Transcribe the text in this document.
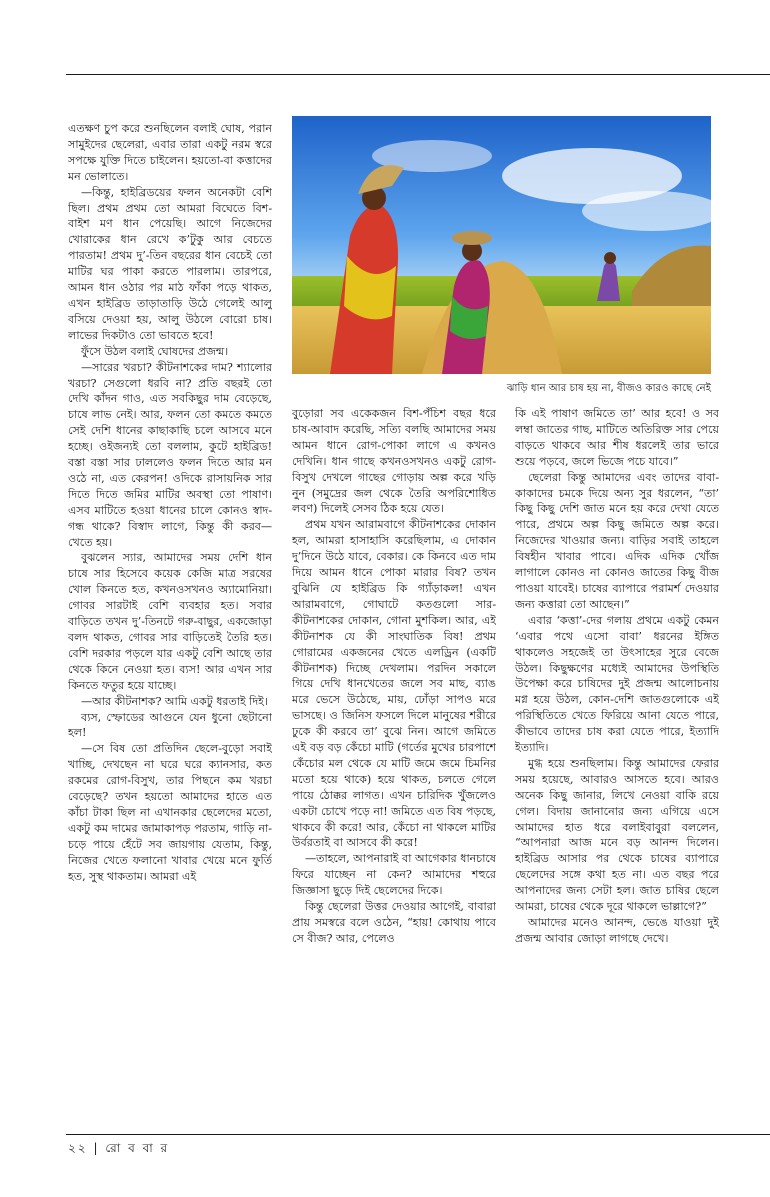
এতক্ষণ চুপ করে শুনছিলেন বলাই ঘোষ, পরান সামুইদের ছেলেরা, এবার তারা একটু নরম স্বরে সপক্ষে যুক্তি দিতে চাইলেন। হয়তো-বা কত্তাদের মন ভোলাতে।

—কিন্তু, হাইব্রিডয়ের ফলন অনেকটা বেশি ছিল। প্রথম প্রথম তো আমরা বিঘেতে বিশ-বাইশ মণ ধান পেয়েছি। আগে নিজেদের খোরাকের ধান রেখে ক’টুকু আর বেচতে পারতাম! প্রথম দু’-তিন বছরের ধান বেচেই তো মাটির ঘর পাকা করতে পারলাম। তারপরে, আমন ধান ওঠার পর মাঠ ফাঁকা পড়ে থাকত, এখন হাইব্রিড তাড়াতাড়ি উঠে গেলেই আলু বসিয়ে দেওয়া হয়, আলু উঠলে বোরো চাষ। লাভের দিকটাও তো ভাবতে হবে!

ফুঁসে উঠল বলাই ঘোষদের প্রজন্ম।

—সারের খরচা? কীটনাশকের দাম? শ্যালোর খরচা? সেগুলো ধরবি না? প্রতি বছরই তো দেখি কাঁদন গাও, এত সবকিছুর দাম বেড়েছে, চাষে লাভ নেই। আর, ফলন তো কমতে কমতে সেই দেশি ধানের কাছাকাছি চলে আসবে মনে হচ্ছে। ওইজন্যই তো বললাম, কুটে হাইব্রিড! বস্তা বস্তা সার ঢাললেও ফলন দিতে আর মন ওঠে না, এত কেরপন! ওদিকে রাসায়নিক সার দিতে দিতে জমির মাটির অবস্থা তো পাষাণ। এসব মাটিতে হওয়া ধানের চালে কোনও স্বাদ-গন্ধ থাকে? বিস্বাদ লাগে, কিন্তু কী করব— খেতে হয়।

বুঝলেন স্যার, আমাদের সময় দেশি ধান চাষে সার হিসেবে কয়েক কেজি মাত্র সরষের খোল কিনতে হত, কখনওসখনও অ্যামোনিয়া। গোবর সারটাই বেশি ব্যবহার হত। সবার বাড়িতে তখন দু’-তিনটে গরু-বাছুর, একজোড়া বলদ থাকত, গোবর সার বাড়িতেই তৈরি হত। বেশি দরকার পড়লে যার একটু বেশি আছে তার থেকে কিনে নেওয়া হত। ব্যস! আর এখন সার কিনতে ফতুর হয়ে যাচ্ছে।

—আর কীটনাশক? আমি একটু ধরতাই দিই।

ব্যস, স্ফোডের আগুনে যেন ধুনো ছেটানো হল!

—সে বিষ তো প্রতিদিন ছেলে-বুড়ো সবাই খাচ্ছি, দেখছেন না ঘরে ঘরে ক্যানসার, কত রকমের রোগ-বিসুখ, তার পিছনে কম খরচা বেড়েছে? তখন হয়তো আমাদের হাতে এত কাঁচা টাকা ছিল না এখানকার ছেলেদের মতো, একটু কম দামের জামাকাপড় পরতাম, গাড়ি না-চড়ে পায়ে হেঁটে সব জায়গায় যেতাম, কিন্তু, নিজের খেতে ফলানো খাবার খেয়ে মনে ফুর্তি হত, সুস্থ থাকতাম। আমরা এই

ঝাড়ি ধান আর চাষ হয় না, বীজও কারও কাছে নেই

বুড়োরা সব একেকজন বিশ-পঁচিশ বছর ধরে চাষ-আবাদ করেছি, সত্যি বলছি আমাদের সময় আমন ধানে রোগ-পোকা লাগে এ কখনও দেখিনি। ধান গাছে কখনওসখনও একটু রোগ-বিসুখ দেখলে গাছের গোড়ায় অল্প করে খড়ি নুন (সমুদ্রের জল থেকে তৈরি অপরিশোধিত লবণ) দিলেই সেসব ঠিক হয়ে যেত।

প্রথম যখন আরামবাগে কীটনাশকের দোকান হল, আমরা হাসাহাসি করেছিলাম, এ দোকান দু’দিনে উঠে যাবে, বেকার। কে কিনবে এত দাম দিয়ে আমন ধানে পোকা মারার বিষ? তখন বুঝিনি যে হাইব্রিড কি গ্যাঁড়াকল! এখন আরামবাগে, গোঘাটে কতগুলো সার-কীটনাশকের দোকান, গোনা মুশকিল। আর, এই কীটনাশক যে কী সাংঘাতিক বিষ! প্রথম গোরামের একজনের খেতে এলড্রিন (একটি কীটনাশক) দিচ্ছে দেখলাম। পরদিন সকালে গিয়ে দেখি ধানখেতের জলে সব মাছ, ব্যাঙ মরে ভেসে উঠেছে, মায়, ঢোঁড়া সাপও মরে ভাসছে। ও জিনিস ফসলে দিলে মানুষের শরীরে ঢুকে কী করবে তা’ বুঝে নিন। আগে জমিতে এই বড় বড় কেঁচো মাটি (গর্তের মুখের চারপাশে কেঁচোর মল থেকে যে মাটি জমে জমে চিমনির মতো হয়ে থাকে) হয়ে থাকত, চলতে গেলে পায়ে ঠোক্কর লাগত। এখন চারিদিক খুঁজলেও একটা চোখে পড়ে না! জমিতে এত বিষ পড়ছে, থাকবে কী করে! আর, কেঁচো না থাকলে মাটির উর্বরতাই বা আসবে কী করে!

—তাহলে, আপনারাই বা আগেকার ধানচাষে ফিরে যাচ্ছেন না কেন? আমাদের শহুরে জিজ্ঞাসা ছুড়ে দিই ছেলেদের দিকে।

কিন্তু ছেলেরা উত্তর দেওয়ার আগেই, বাবারা প্রায় সমস্বরে বলে ওঠেন, “হায়! কোথায় পাবে সে বীজ? আর, পেলেও

কি এই পাষাণ জমিতে তা’ আর হবে! ও সব লম্বা জাতের গাছ, মাটিতে অতিরিক্ত সার পেয়ে বাড়তে থাকবে আর শীষ ধরলেই তার ভারে শুয়ে পড়বে, জলে ভিজে পচে যাবে।”

ছেলেরা কিন্তু আমাদের এবং তাদের বাবা-কাকাদের চমকে দিয়ে অন্য সুর ধরলেন, “তা’ কিছু কিছু দেশি জাত মনে হয় করে দেখা যেতে পারে, প্রথমে অল্প কিছু জমিতে অল্প করে। নিজেদের খাওয়ার জন্য। বাড়ির সবাই তাহলে বিষহীন খাবার পাবে। এদিক এদিক খোঁজ লাগালে কোনও না কোনও জাতের কিছু বীজ পাওয়া যাবেই। চাষের ব্যাপারে পরামর্শ দেওয়ার জন্য কত্তারা তো আছেন।”

এবার ‘কত্তা’-দের গলায় প্রথমে একটু কেমন ‘এবার পথে এসো বাবা’ ধরনের ইঙ্গিত থাকলেও সহজেই তা উৎসাহের সুরে বেজে উঠল। কিছুক্ষণের মধ্যেই আমাদের উপস্থিতি উপেক্ষা করে চাষিদের দুই প্রজন্ম আলোচনায় মগ্ন হয়ে উঠল, কোন-দেশি জাতগুলোকে এই পরিস্থিতিতে খেতে ফিরিয়ে আনা যেতে পারে, কীভাবে তাদের চাষ করা যেতে পারে, ইত্যাদি ইত্যাদি।

মুগ্ধ হয়ে শুনছিলাম। কিন্তু আমাদের ফেরার সময় হয়েছে, আবারও আসতে হবে। আরও অনেক কিছু জানার, লিখে নেওয়া বাকি রয়ে গেল। বিদায় জানানোর জন্য এগিয়ে এসে আমাদের হাত ধরে বলাইবাবুরা বললেন, “আপনারা আজ মনে বড় আনন্দ দিলেন। হাইব্রিড আসার পর থেকে চাষের ব্যাপারে ছেলেদের সঙ্গে কথা হত না। এত বছর পরে আপনাদের জন্য সেটা হল। জাত চাষির ছেলে আমরা, চাষের থেকে দূরে থাকলে ভাল্লাগে?”

আমাদের মনেও আনন্দ, ভেঙে যাওয়া দুই প্রজন্ম আবার জোড়া লাগছে দেখে।

২২ | রো ব বা র
